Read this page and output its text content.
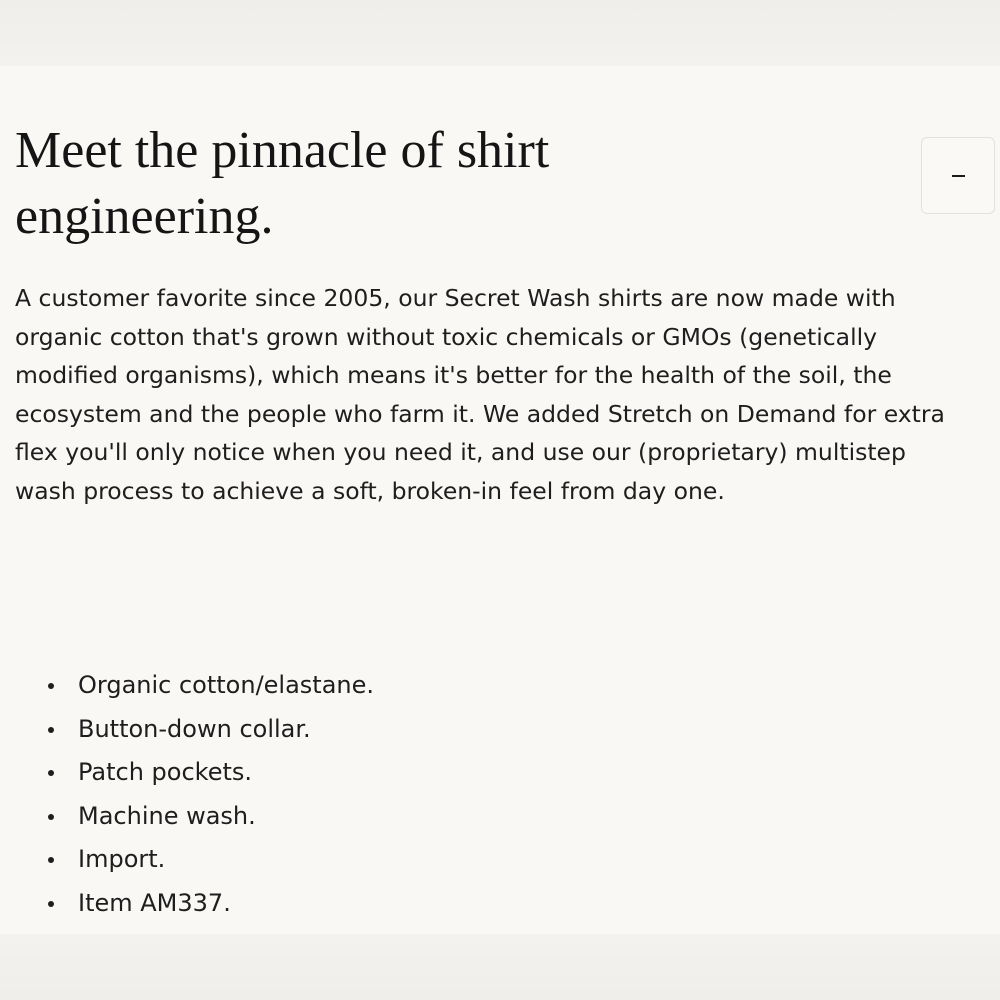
Meet the pinnacle of shirt engineering.

A customer favorite since 2005, our Secret Wash shirts are now made with organic cotton that's grown without toxic chemicals or GMOs (genetically modified organisms), which means it's better for the health of the soil, the ecosystem and the people who farm it. We added Stretch on Demand for extra flex you'll only notice when you need it, and use our (proprietary) multistep wash process to achieve a soft, broken-in feel from day one.

Organic cotton/elastane.
Button-down collar.
Patch pockets.
Machine wash.
Import.
Item AM337.
